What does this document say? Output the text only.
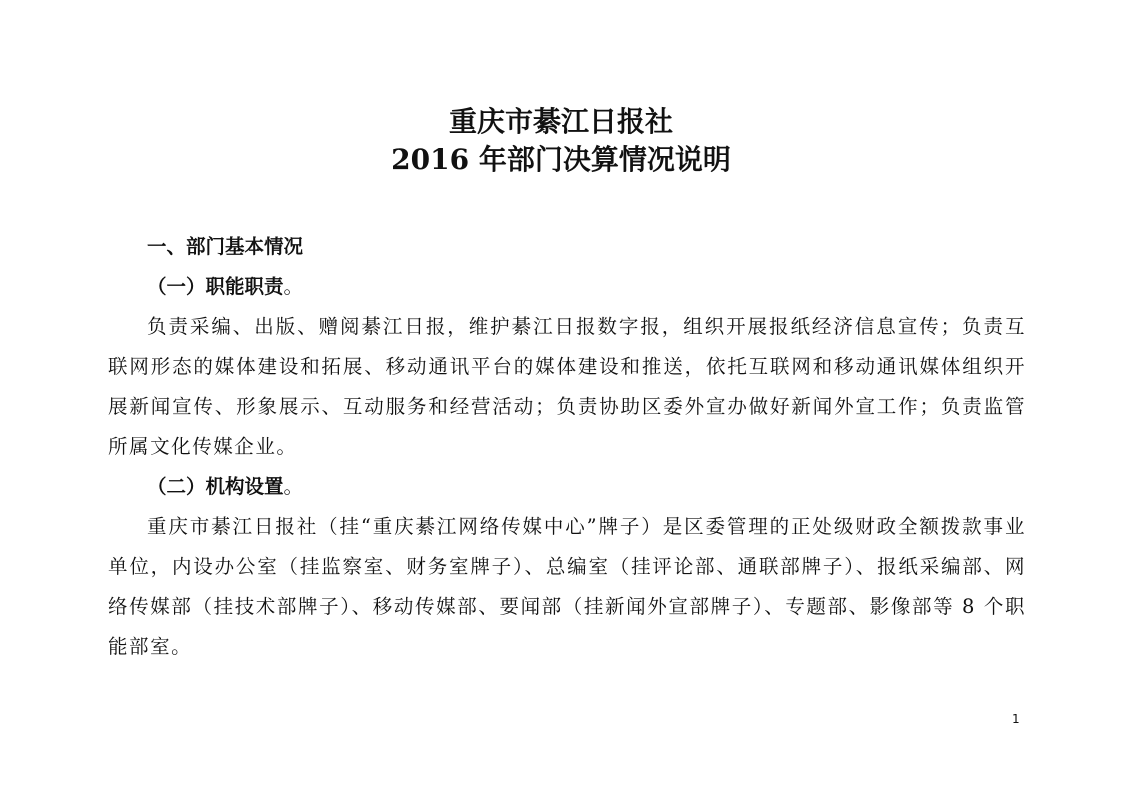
重庆市綦江日报社
2016 年部门决算情况说明

一、部门基本情况

（一）职能职责。

负责采编、出版、赠阅綦江日报，维护綦江日报数字报，组织开展报纸经济信息宣传；负责互联网形态的媒体建设和拓展、移动通讯平台的媒体建设和推送，依托互联网和移动通讯媒体组织开展新闻宣传、形象展示、互动服务和经营活动；负责协助区委外宣办做好新闻外宣工作；负责监管所属文化传媒企业。

（二）机构设置。

重庆市綦江日报社（挂“重庆綦江网络传媒中心”牌子）是区委管理的正处级财政全额拨款事业单位，内设办公室（挂监察室、财务室牌子）、总编室（挂评论部、通联部牌子）、报纸采编部、网络传媒部（挂技术部牌子）、移动传媒部、要闻部（挂新闻外宣部牌子）、专题部、影像部等 8 个职能部室。

1
